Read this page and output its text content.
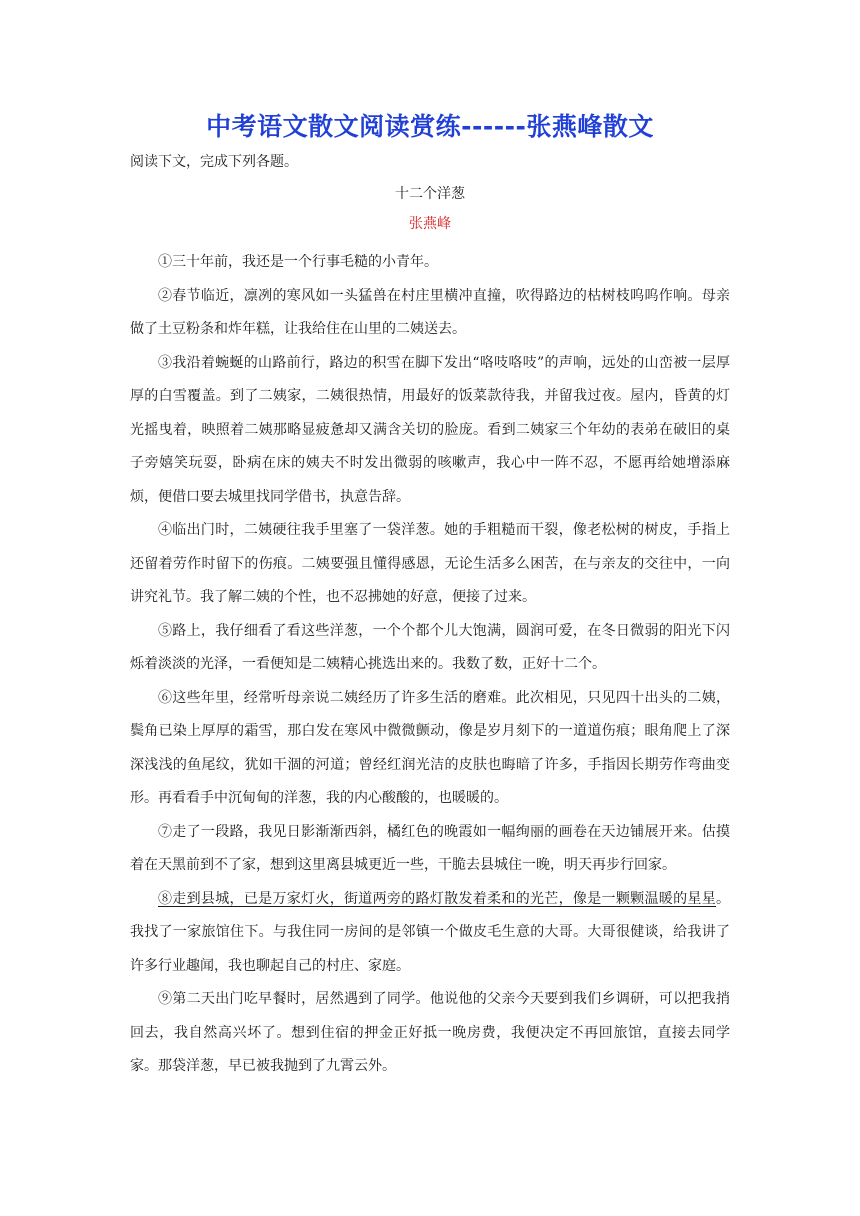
中考语文散文阅读赏练------张燕峰散文

阅读下文，完成下列各题。

十二个洋葱

张燕峰

①三十年前，我还是一个行事毛糙的小青年。

②春节临近，凛冽的寒风如一头猛兽在村庄里横冲直撞，吹得路边的枯树枝呜呜作响。母亲做了土豆粉条和炸年糕，让我给住在山里的二姨送去。

③我沿着蜿蜒的山路前行，路边的积雪在脚下发出“咯吱咯吱”的声响，远处的山峦被一层厚厚的白雪覆盖。到了二姨家，二姨很热情，用最好的饭菜款待我，并留我过夜。屋内，昏黄的灯光摇曳着，映照着二姨那略显疲惫却又满含关切的脸庞。看到二姨家三个年幼的表弟在破旧的桌子旁嬉笑玩耍，卧病在床的姨夫不时发出微弱的咳嗽声，我心中一阵不忍，不愿再给她增添麻烦，便借口要去城里找同学借书，执意告辞。

④临出门时，二姨硬往我手里塞了一袋洋葱。她的手粗糙而干裂，像老松树的树皮，手指上还留着劳作时留下的伤痕。二姨要强且懂得感恩，无论生活多么困苦，在与亲友的交往中，一向讲究礼节。我了解二姨的个性，也不忍拂她的好意，便接了过来。

⑤路上，我仔细看了看这些洋葱，一个个都个儿大饱满，圆润可爱，在冬日微弱的阳光下闪烁着淡淡的光泽，一看便知是二姨精心挑选出来的。我数了数，正好十二个。

⑥这些年里，经常听母亲说二姨经历了许多生活的磨难。此次相见，只见四十出头的二姨，鬓角已染上厚厚的霜雪，那白发在寒风中微微颤动，像是岁月刻下的一道道伤痕；眼角爬上了深深浅浅的鱼尾纹，犹如干涸的河道；曾经红润光洁的皮肤也晦暗了许多，手指因长期劳作弯曲变形。再看看手中沉甸甸的洋葱，我的内心酸酸的，也暖暖的。

⑦走了一段路，我见日影渐渐西斜，橘红色的晚霞如一幅绚丽的画卷在天边铺展开来。估摸着在天黑前到不了家，想到这里离县城更近一些，干脆去县城住一晚，明天再步行回家。

⑧走到县城，已是万家灯火，街道两旁的路灯散发着柔和的光芒，像是一颗颗温暖的星星。我找了一家旅馆住下。与我住同一房间的是邻镇一个做皮毛生意的大哥。大哥很健谈，给我讲了许多行业趣闻，我也聊起自己的村庄、家庭。

⑨第二天出门吃早餐时，居然遇到了同学。他说他的父亲今天要到我们乡调研，可以把我捎回去，我自然高兴坏了。想到住宿的押金正好抵一晚房费，我便决定不再回旅馆，直接去同学家。那袋洋葱，早已被我抛到了九霄云外。
